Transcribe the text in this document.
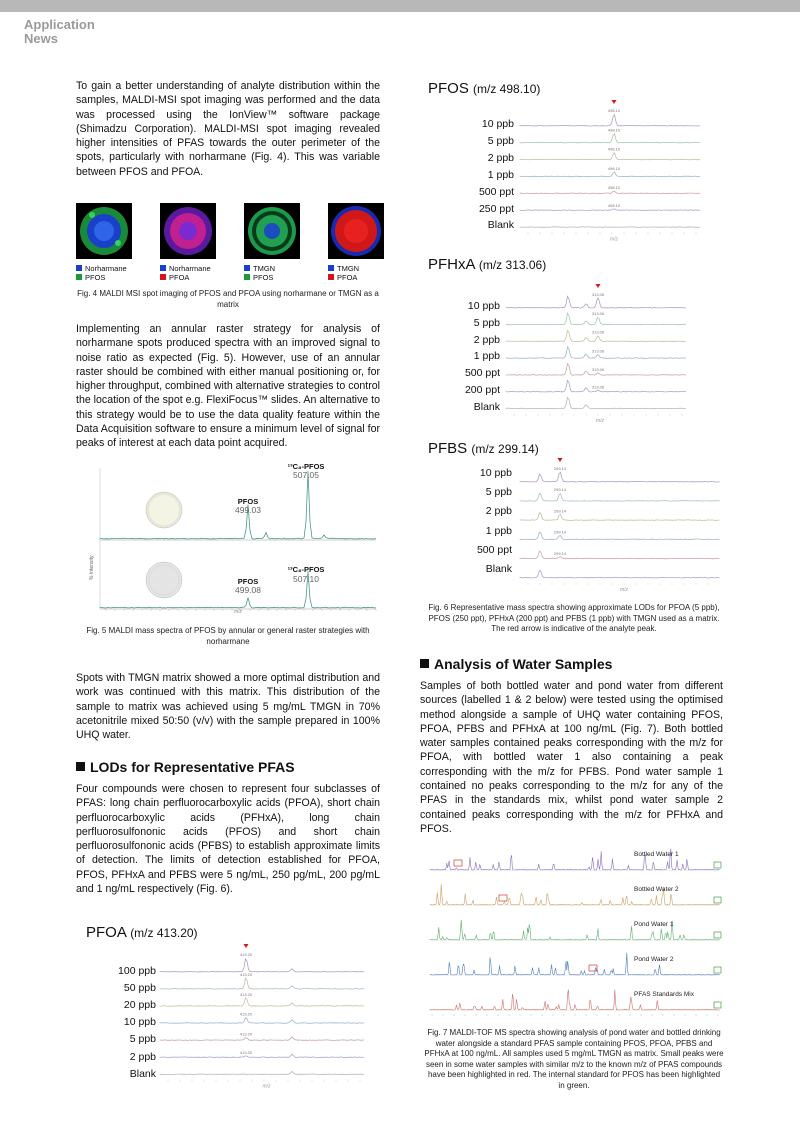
Application
News
To gain a better understanding of analyte distribution within the samples, MALDI-MSI spot imaging was performed and the data was processed using the IonView™ software package (Shimadzu Corporation). MALDI-MSI spot imaging revealed higher intensities of PFAS towards the outer perimeter of the spots, particularly with norharmane (Fig. 4). This was variable between PFOS and PFOA.
Norharmane
PFOS
Norharmane
PFOA
TMGN
PFOS
TMGN
PFOA
Fig. 4 MALDI MSI spot imaging of PFOS and PFOA using norharmane or TMGN as a matrix
Implementing an annular raster strategy for analysis of norharmane spots produced spectra with an improved signal to noise ratio as expected (Fig. 5). However, use of an annular raster should be combined with either manual positioning or, for higher throughput, combined with alternative strategies to control the location of the spot e.g. FlexiFocus™ slides. An alternative to this strategy would be to use the data quality feature within the Data Acquisition software to ensure a minimum level of signal for peaks of interest at each data point acquired.
% Intensity
m/z
¹³C₈-PFOS
507.05
PFOS
499.03
¹³C₈-PFOS
507.10
PFOS
499.08
Fig. 5 MALDI mass spectra of PFOS by annular or general raster strategies with norharmane
Spots with TMGN matrix showed a more optimal distribution and work was continued with this matrix. This distribution of the sample to matrix was achieved using 5 mg/mL TMGN in 70% acetonitrile mixed 50:50 (v/v) with the sample prepared in 100% UHQ water.
LODs for Representative PFAS
Four compounds were chosen to represent four subclasses of PFAS: long chain perfluorocarboxylic acids (PFOA), short chain perfluorocarboxylic acids (PFHxA), long chain perfluorosulfononic acids (PFOS) and short chain perfluorosulfononic acids (PFBS) to establish approximate limits of detection. The limits of detection established for PFOA, PFOS, PFHxA and PFBS were 5 ng/mL, 250 pg/mL, 200 pg/mL and 1 ng/mL respectively (Fig. 6).
PFOA (m/z 413.20)
100 ppb
50 ppb
20 ppb
10 ppb
5 ppb
2 ppb
Blank
413.20
413.20
413.20
413.20
413.20
413.20
m/z
PFOS (m/z 498.10)
10 ppb
5 ppb
2 ppb
1 ppb
500 ppt
250 ppt
Blank
498.10
498.10
498.10
498.10
498.10
498.10
m/z
PFHxA (m/z 313.06)
10 ppb
5 ppb
2 ppb
1 ppb
500 ppt
200 ppt
Blank
313.06
313.06
313.06
313.06
313.06
313.06
m/z
PFBS (m/z 299.14)
10 ppb
5 ppb
2 ppb
1 ppb
500 ppt
Blank
299.14
299.14
299.14
299.14
299.14
m/z
Fig. 6 Representative mass spectra showing approximate LODs for PFOA (5 ppb), PFOS (250 ppt), PFHxA (200 ppt) and PFBS (1 ppb) with TMGN used as a matrix. The red arrow is indicative of the analyte peak.
Analysis of Water Samples
Samples of both bottled water and pond water from different sources (labelled 1 & 2 below) were tested using the optimised method alongside a sample of UHQ water containing PFOS, PFOA, PFBS and PFHxA at 100 ng/mL (Fig. 7). Both bottled water samples contained peaks corresponding with the m/z for PFOA, with bottled water 1 also containing a peak corresponding with the m/z for PFBS. Pond water sample 1 contained no peaks corresponding to the m/z for any of the PFAS in the standards mix, whilst pond water sample 2 contained peaks corresponding with the m/z for PFHxA and PFOS.
Bottled Water 1
Bottled Water 2
Pond Water 1
Pond Water 2
PFAS Standards Mix
Fig. 7 MALDI-TOF MS spectra showing analysis of pond water and bottled drinking water alongside a standard PFAS sample containing PFOS, PFOA, PFBS and PFHxA at 100 ng/mL. All samples used 5 mg/mL TMGN as matrix. Small peaks were seen in some water samples with similar m/z to the known m/z of PFAS compounds have been highlighted in red. The internal standard for PFOS has been highlighted in green.
